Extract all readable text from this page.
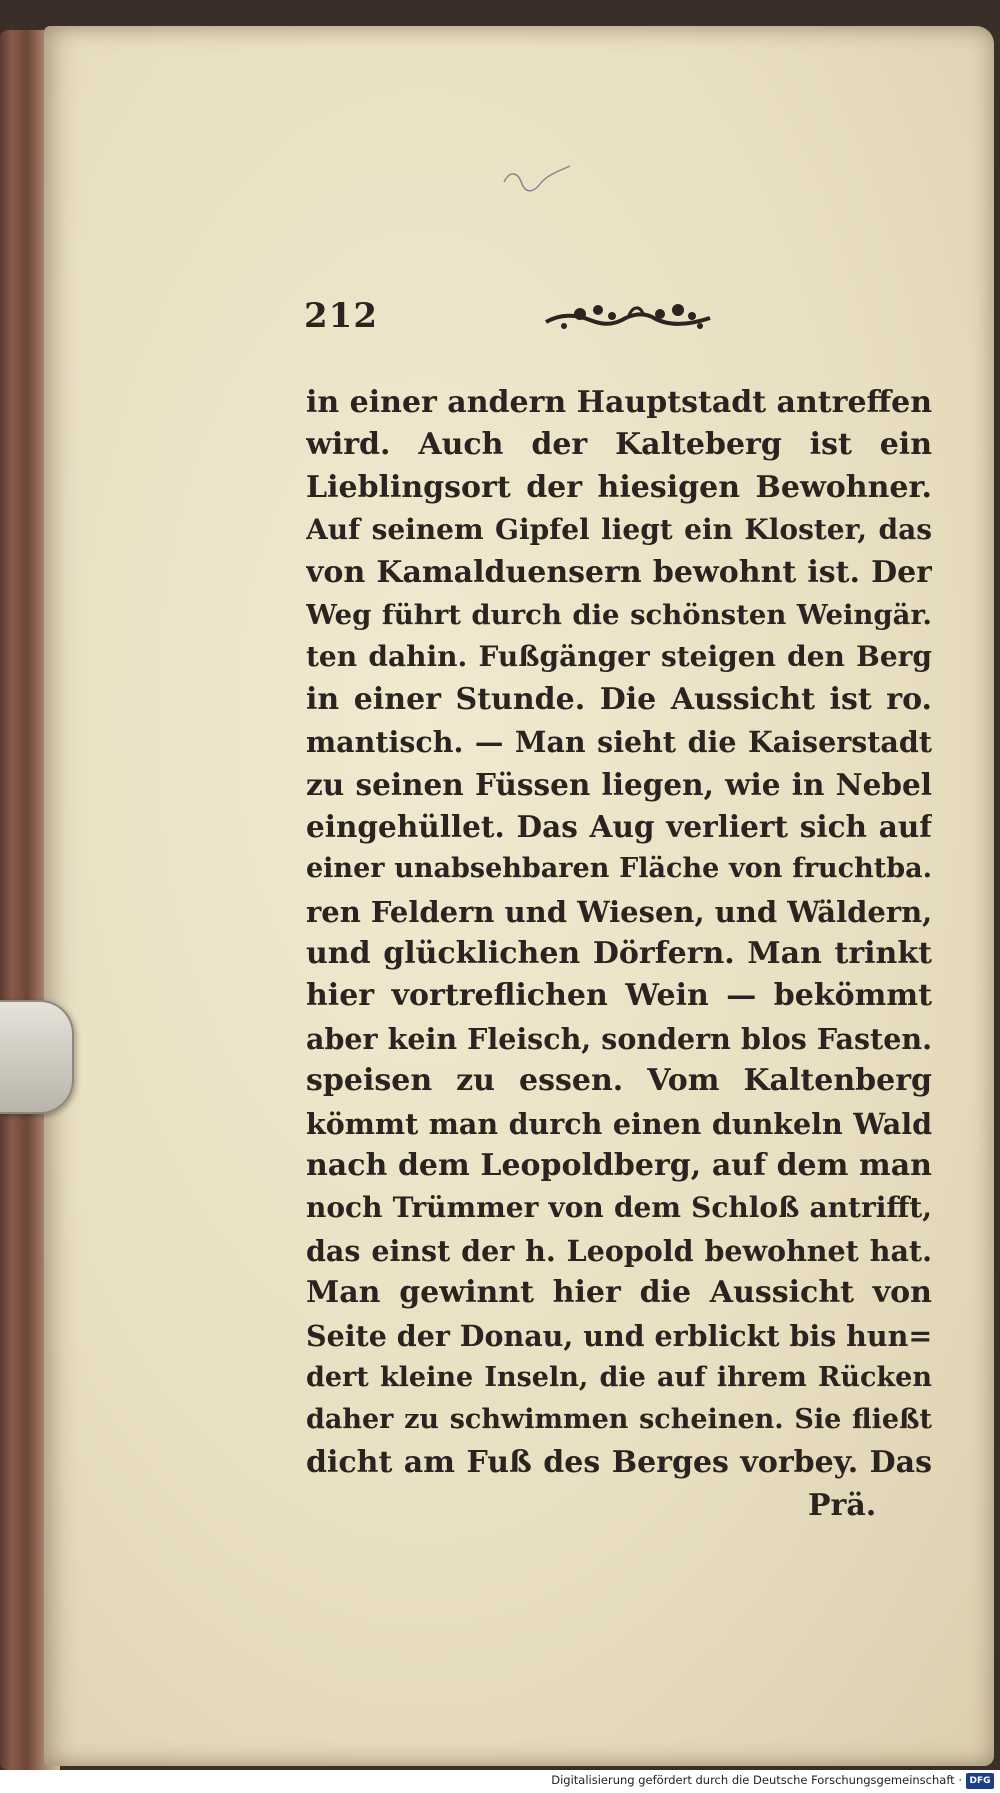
212
in einer andern Hauptstadt antreffen
wird. Auch der Kalteberg ist ein
Lieblingsort der hiesigen Bewohner.
Auf seinem Gipfel liegt ein Kloster, das
von Kamalduensern bewohnt ist. Der
Weg führt durch die schönsten Weingär.
ten dahin. Fußgänger steigen den Berg
in einer Stunde. Die Aussicht ist ro.
mantisch. — Man sieht die Kaiserstadt
zu seinen Füssen liegen, wie in Nebel
eingehüllet. Das Aug verliert sich auf
einer unabsehbaren Fläche von fruchtba.
ren Feldern und Wiesen, und Wäldern,
und glücklichen Dörfern. Man trinkt
hier vortreflichen Wein — bekömmt
aber kein Fleisch, sondern blos Fasten.
speisen zu essen. Vom Kaltenberg
kömmt man durch einen dunkeln Wald
nach dem Leopoldberg, auf dem man
noch Trümmer von dem Schloß antrifft,
das einst der h. Leopold bewohnet hat.
Man gewinnt hier die Aussicht von
Seite der Donau, und erblickt bis hun=
dert kleine Inseln, die auf ihrem Rücken
daher zu schwimmen scheinen. Sie fließt
dicht am Fuß des Berges vorbey. Das
Prä.
Digitalisierung gefördert durch die Deutsche Forschungsgemeinschaft · DFG
